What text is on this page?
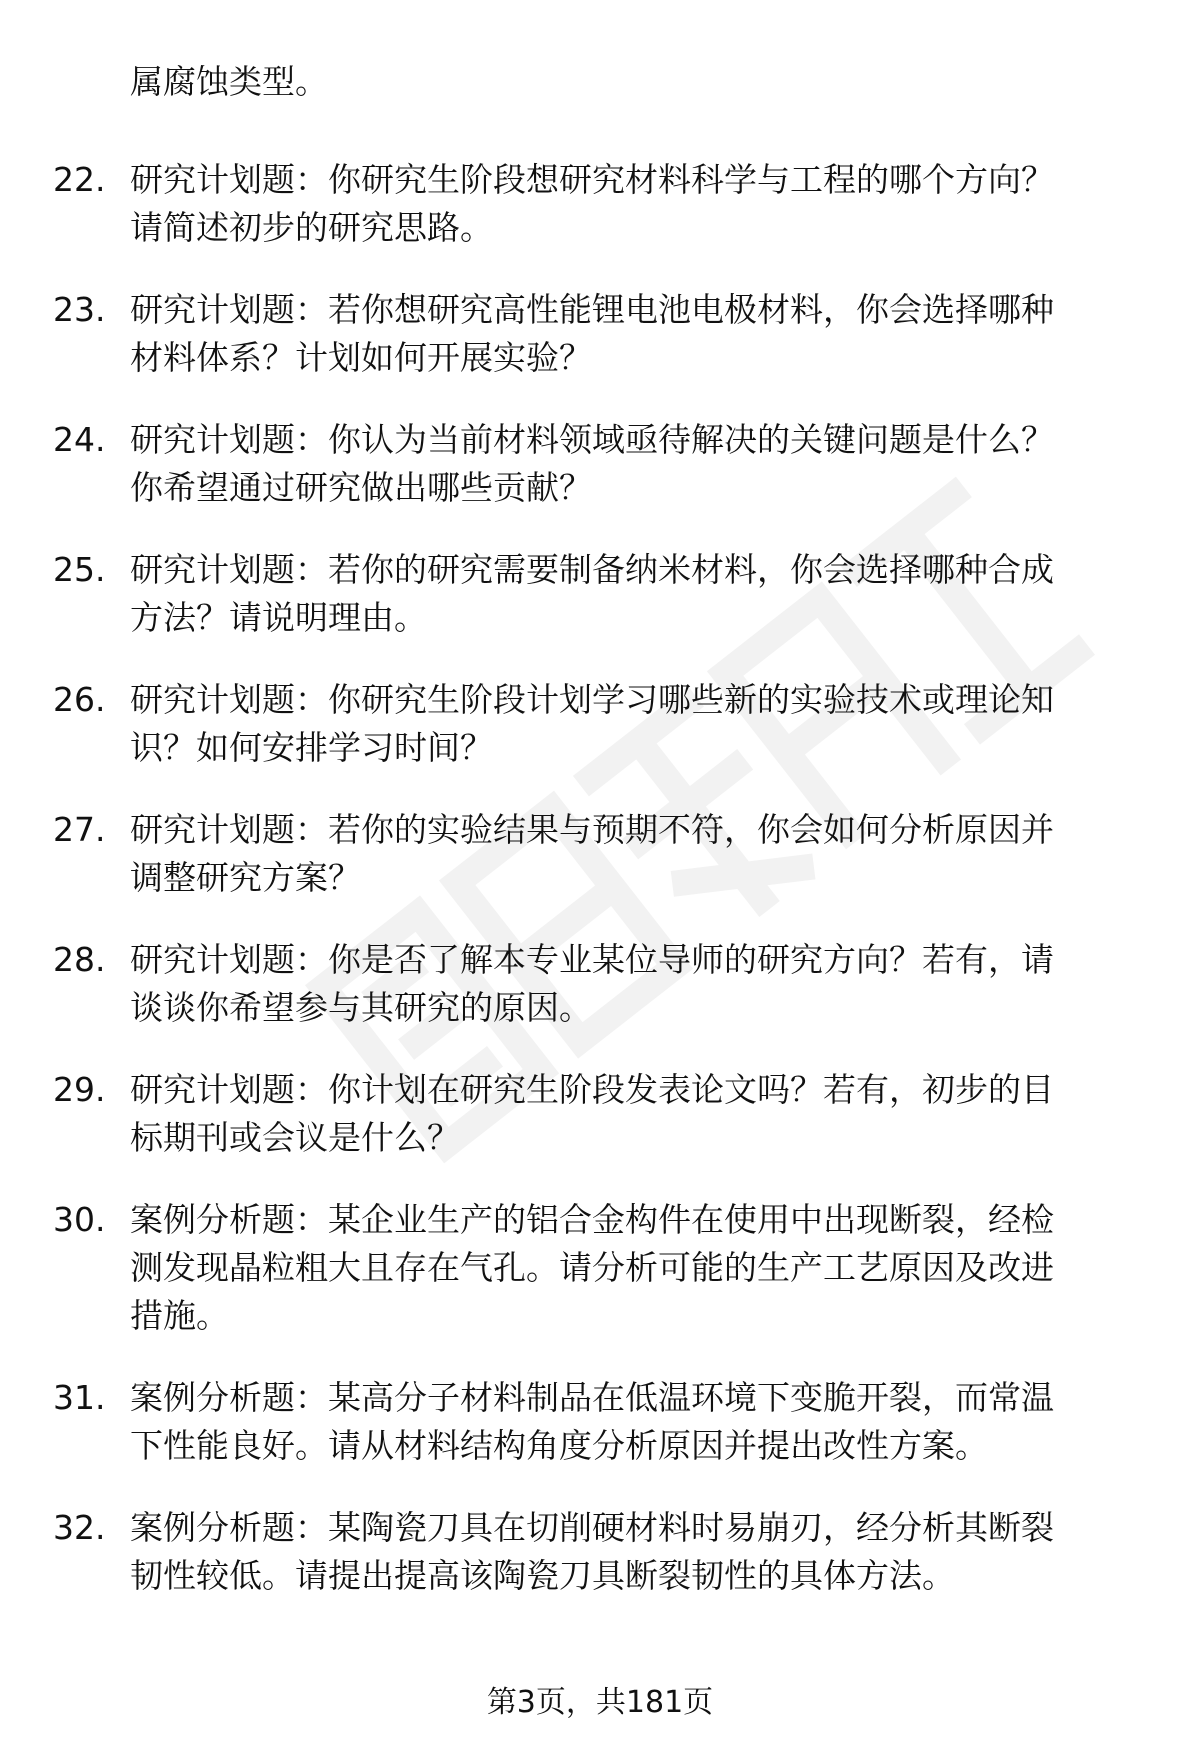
属腐蚀类型。
22. 研究计划题：你研究生阶段想研究材料科学与工程的哪个方向？
请简述初步的研究思路。
23. 研究计划题：若你想研究高性能锂电池电极材料，你会选择哪种
材料体系？计划如何开展实验？
24. 研究计划题：你认为当前材料领域亟待解决的关键问题是什么？
你希望通过研究做出哪些贡献？
25. 研究计划题：若你的研究需要制备纳米材料，你会选择哪种合成
方法？请说明理由。
26. 研究计划题：你研究生阶段计划学习哪些新的实验技术或理论知
识？如何安排学习时间？
27. 研究计划题：若你的实验结果与预期不符，你会如何分析原因并
调整研究方案？
28. 研究计划题：你是否了解本专业某位导师的研究方向？若有，请
谈谈你希望参与其研究的原因。
29. 研究计划题：你计划在研究生阶段发表论文吗？若有，初步的目
标期刊或会议是什么？
30. 案例分析题：某企业生产的铝合金构件在使用中出现断裂，经检
测发现晶粒粗大且存在气孔。请分析可能的生产工艺原因及改进
措施。
31. 案例分析题：某高分子材料制品在低温环境下变脆开裂，而常温
下性能良好。请从材料结构角度分析原因并提出改性方案。
32. 案例分析题：某陶瓷刀具在切削硬材料时易崩刃，经分析其断裂
韧性较低。请提出提高该陶瓷刀具断裂韧性的具体方法。
第3页，共181页
